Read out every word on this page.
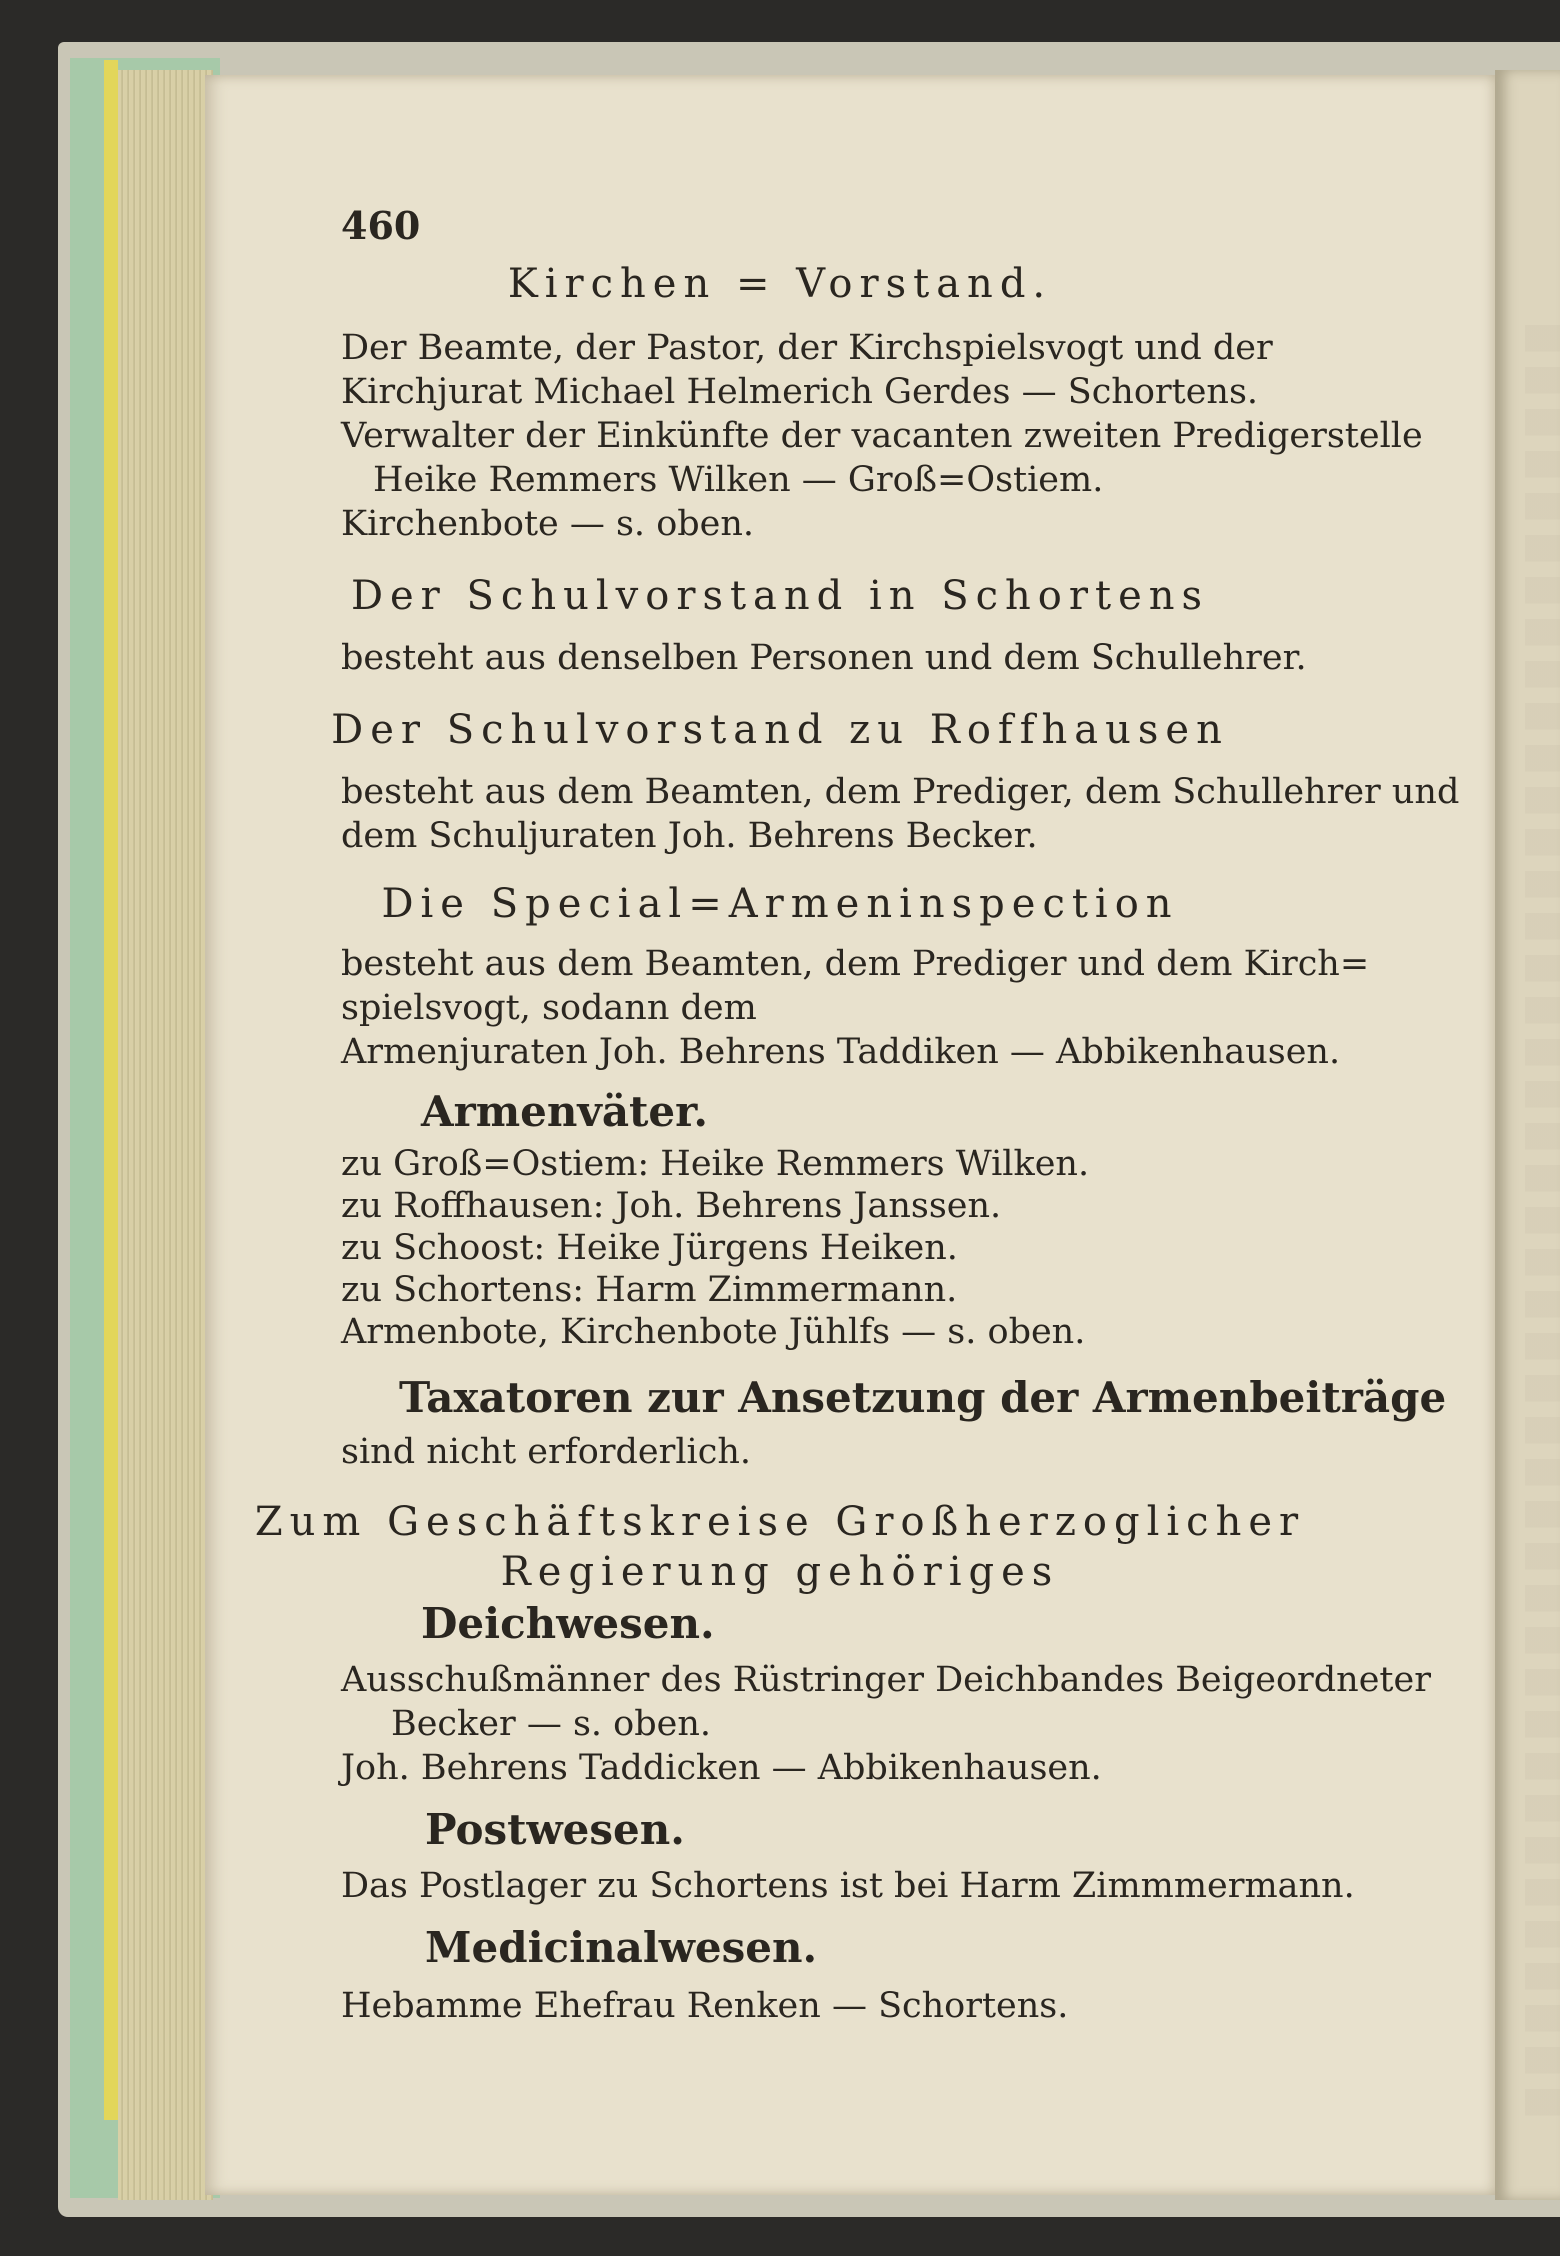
460
Kirchen = Vorstand.
Der Beamte, der Pastor, der Kirchspielsvogt und der
Kirchjurat Michael Helmerich Gerdes — Schortens.
Verwalter der Einkünfte der vacanten zweiten Predigerstelle
Heike Remmers Wilken — Groß=Ostiem.
Kirchenbote — s. oben.
Der Schulvorstand in Schortens
besteht aus denselben Personen und dem Schullehrer.
Der Schulvorstand zu Roffhausen
besteht aus dem Beamten, dem Prediger, dem Schullehrer und
dem Schuljuraten Joh. Behrens Becker.
Die Special=Armeninspection
besteht aus dem Beamten, dem Prediger und dem Kirch=
spielsvogt, sodann dem
Armenjuraten Joh. Behrens Taddiken — Abbikenhausen.
Armenväter.
zu Groß=Ostiem: Heike Remmers Wilken.
zu Roffhausen: Joh. Behrens Janssen.
zu Schoost: Heike Jürgens Heiken.
zu Schortens: Harm Zimmermann.
Armenbote, Kirchenbote Jühlfs — s. oben.
Taxatoren zur Ansetzung der Armenbeiträge
sind nicht erforderlich.
Zum Geschäftskreise Großherzoglicher
Regierung gehöriges
Deichwesen.
Ausschußmänner des Rüstringer Deichbandes Beigeordneter
Becker — s. oben.
Joh. Behrens Taddicken — Abbikenhausen.
Postwesen.
Das Postlager zu Schortens ist bei Harm Zimmmermann.
Medicinalwesen.
Hebamme Ehefrau Renken — Schortens.
